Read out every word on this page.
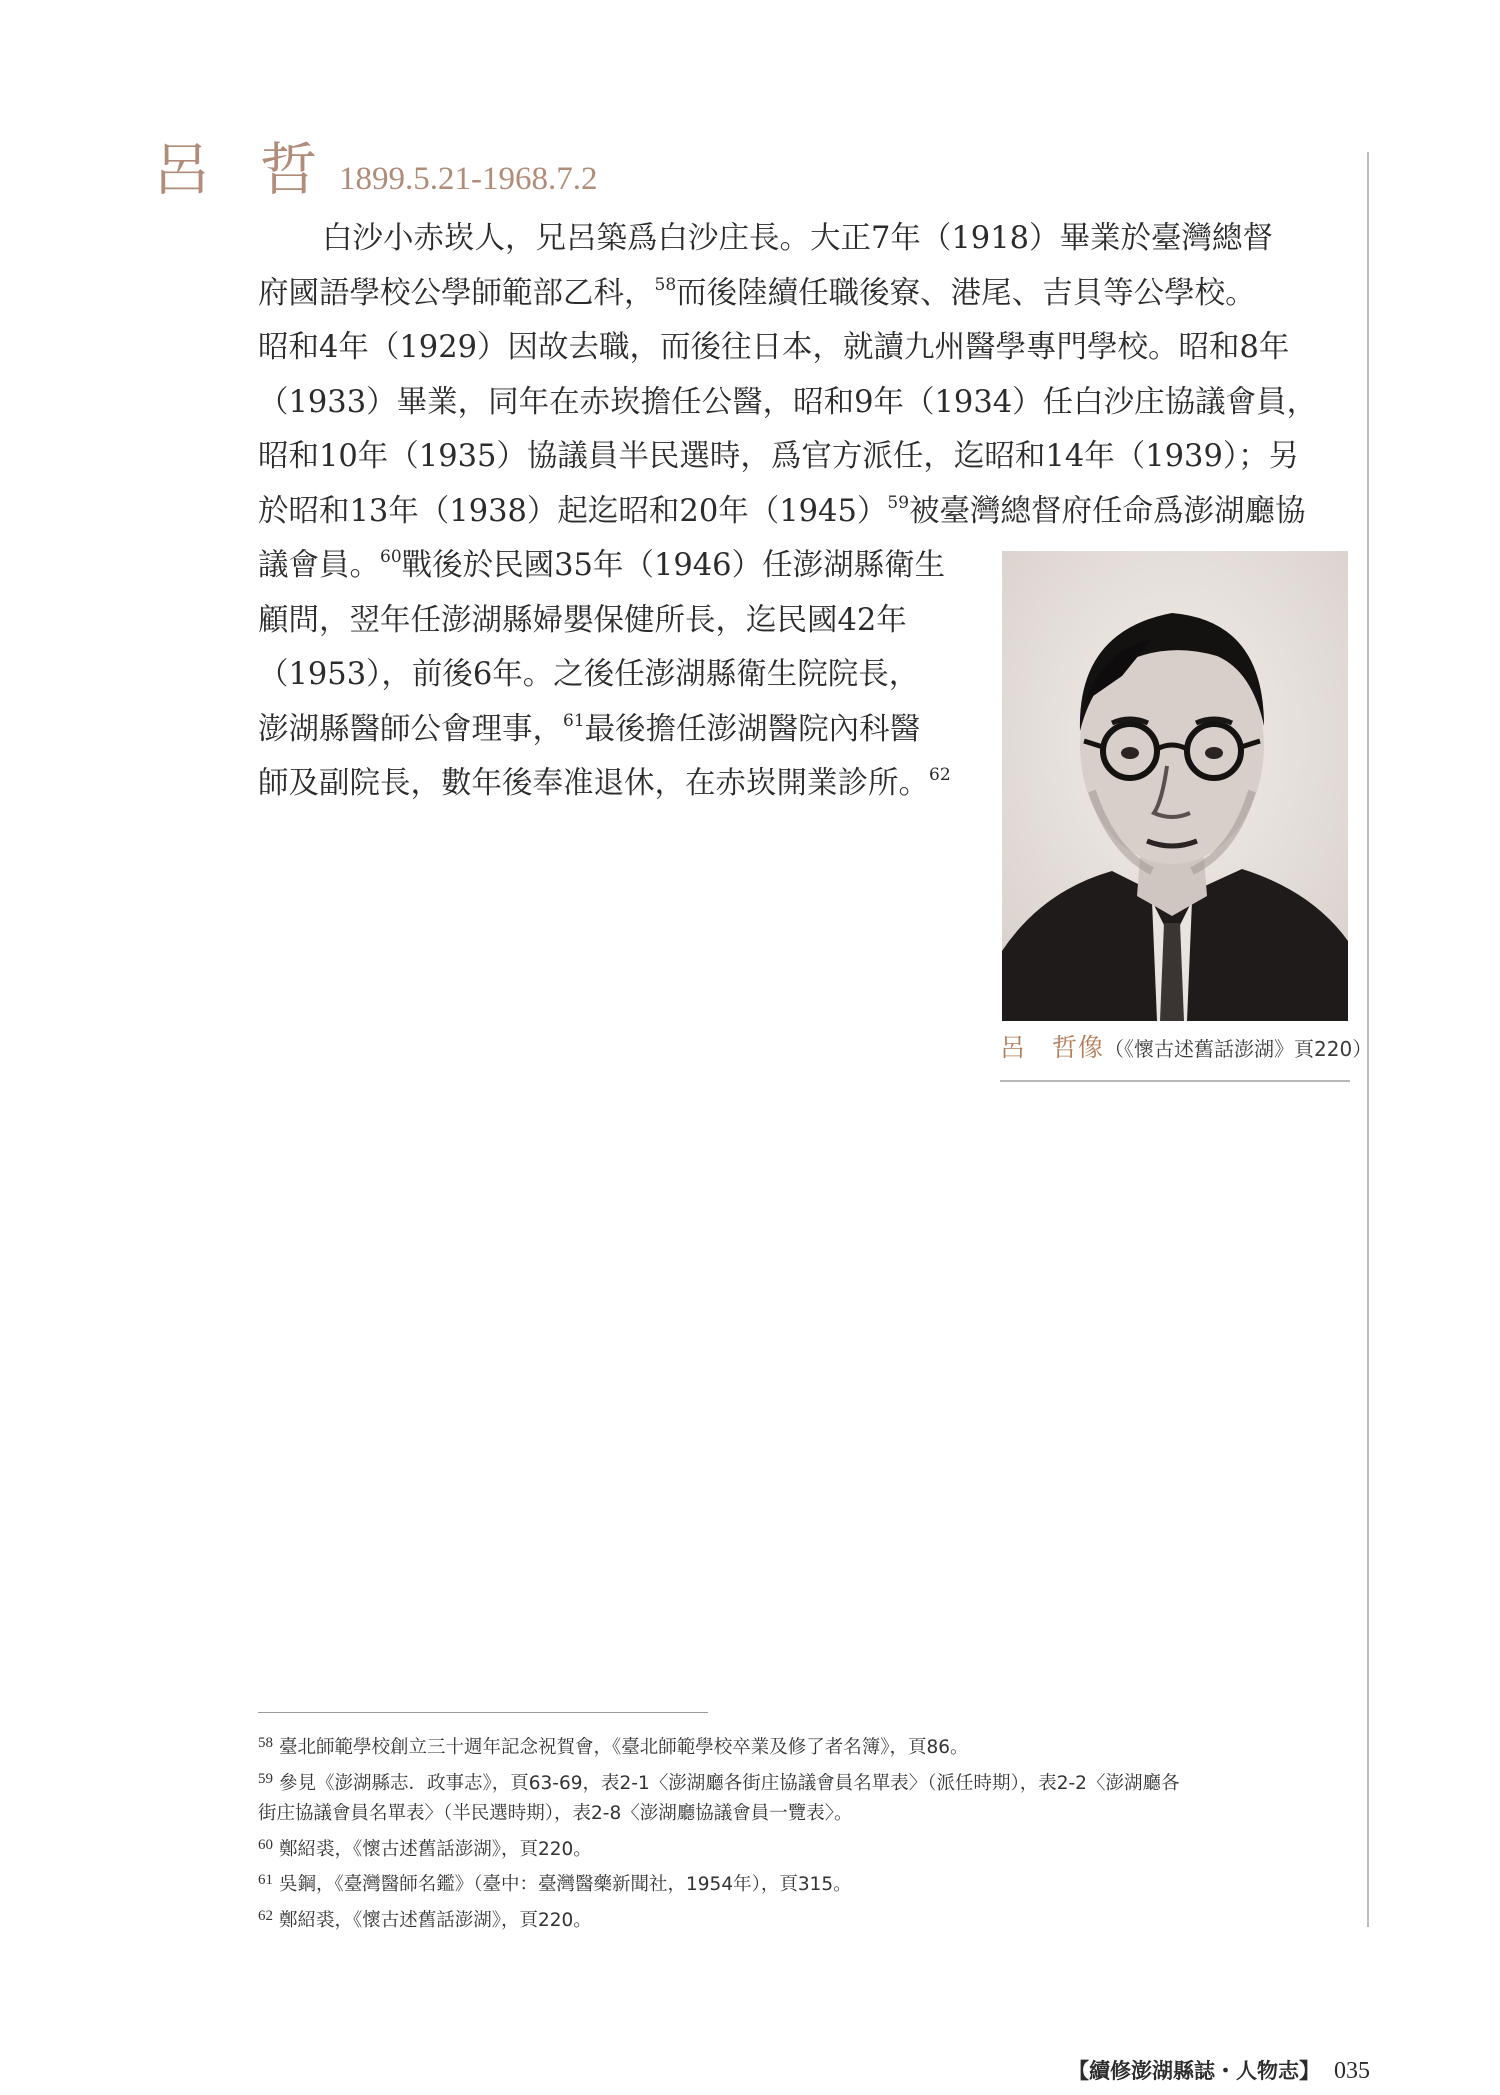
呂 哲 1899.5.21-1968.7.2
白沙小赤崁人，兄呂築爲白沙庄長。大正7年（1918）畢業於臺灣總督
府國語學校公學師範部乙科，$^{58}$而後陸續任職後寮、港尾、吉貝等公學校。
昭和4年（1929）因故去職，而後往日本，就讀九州醫學專門學校。昭和8年
（1933）畢業，同年在赤崁擔任公醫，昭和9年（1934）任白沙庄協議會員，
昭和10年（1935）協議員半民選時，爲官方派任，迄昭和14年（1939）；另
於昭和13年（1938）起迄昭和20年$(1945)^{59}$被臺灣總督府任命爲澎湖廳協
議會員。$^{60}$戰後於民國35年（1946）任澎湖縣衛生
顧問，翌年任澎湖縣婦嬰保健所長，迄民國42年
（1953），前後6年。之後任澎湖縣衛生院院長，
澎湖縣醫師公會理事，$^{61}$最後擔任澎湖醫院內科醫
師及副院長，數年後奉准退休，在赤崁開業診所。$^{62}$
呂　哲像（《懷古述舊話澎湖》頁220）
$^{58}$ 臺北師範學校創立三十週年記念祝賀會，《臺北師範學校卒業及修了者名簿》，頁86。
$^{59}$ 參見《澎湖縣志．政事志》，頁63-69，表2-1〈澎湖廳各街庄協議會員名單表〉（派任時期），表2-2〈澎湖廳各
街庄協議會員名單表〉（半民選時期），表2-8〈澎湖廳協議會員一覽表〉。
$^{60}$ 鄭紹裘，《懷古述舊話澎湖》，頁220。
$^{61}$ 吳鋼，《臺灣醫師名鑑》（臺中：臺灣醫藥新聞社，1954年），頁315。
$^{62}$ 鄭紹裘，《懷古述舊話澎湖》，頁220。
【續修澎湖縣誌・人物志】 035
